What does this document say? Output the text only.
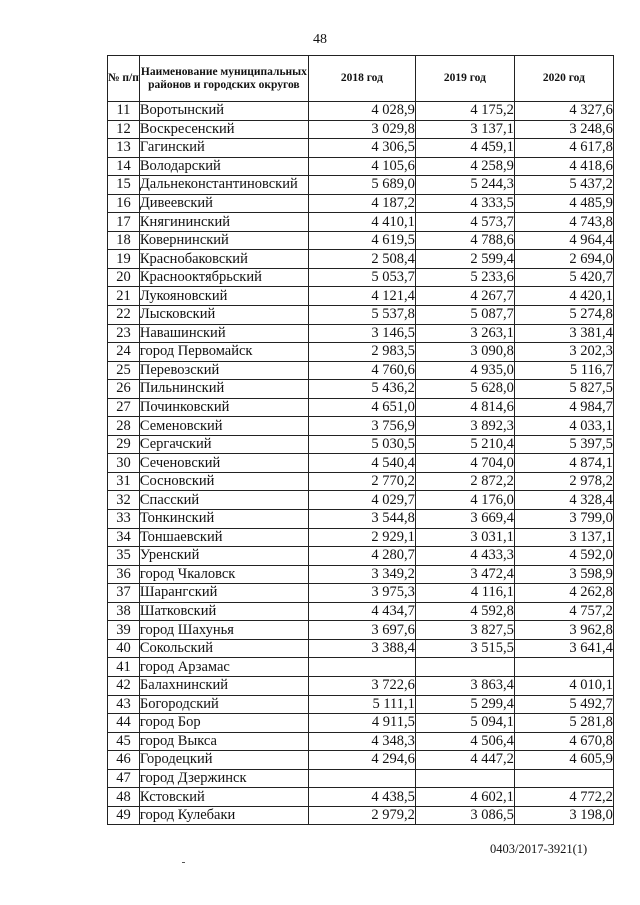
48
№ п/п	Наименование муниципальных районов и городских округов	2018 год	2019 год	2020 год
11	Воротынский	4 028,9	4 175,2	4 327,6
12	Воскресенский	3 029,8	3 137,1	3 248,6
13	Гагинский	4 306,5	4 459,1	4 617,8
14	Володарский	4 105,6	4 258,9	4 418,6
15	Дальнеконстантиновский	5 689,0	5 244,3	5 437,2
16	Дивеевский	4 187,2	4 333,5	4 485,9
17	Княгининский	4 410,1	4 573,7	4 743,8
18	Ковернинский	4 619,5	4 788,6	4 964,4
19	Краснобаковский	2 508,4	2 599,4	2 694,0
20	Краснооктябрьский	5 053,7	5 233,6	5 420,7
21	Лукояновский	4 121,4	4 267,7	4 420,1
22	Лысковский	5 537,8	5 087,7	5 274,8
23	Навашинский	3 146,5	3 263,1	3 381,4
24	город Первомайск	2 983,5	3 090,8	3 202,3
25	Перевозский	4 760,6	4 935,0	5 116,7
26	Пильнинский	5 436,2	5 628,0	5 827,5
27	Починковский	4 651,0	4 814,6	4 984,7
28	Семеновский	3 756,9	3 892,3	4 033,1
29	Сергачский	5 030,5	5 210,4	5 397,5
30	Сеченовский	4 540,4	4 704,0	4 874,1
31	Сосновский	2 770,2	2 872,2	2 978,2
32	Спасский	4 029,7	4 176,0	4 328,4
33	Тонкинский	3 544,8	3 669,4	3 799,0
34	Тоншаевский	2 929,1	3 031,1	3 137,1
35	Уренский	4 280,7	4 433,3	4 592,0
36	город Чкаловск	3 349,2	3 472,4	3 598,9
37	Шарангский	3 975,3	4 116,1	4 262,8
38	Шатковский	4 434,7	4 592,8	4 757,2
39	город Шахунья	3 697,6	3 827,5	3 962,8
40	Сокольский	3 388,4	3 515,5	3 641,4
41	город Арзамас			
42	Балахнинский	3 722,6	3 863,4	4 010,1
43	Богородский	5 111,1	5 299,4	5 492,7
44	город Бор	4 911,5	5 094,1	5 281,8
45	город Выкса	4 348,3	4 506,4	4 670,8
46	Городецкий	4 294,6	4 447,2	4 605,9
47	город Дзержинск			
48	Кстовский	4 438,5	4 602,1	4 772,2
49	город Кулебаки	2 979,2	3 086,5	3 198,0
0403/2017-3921(1)
